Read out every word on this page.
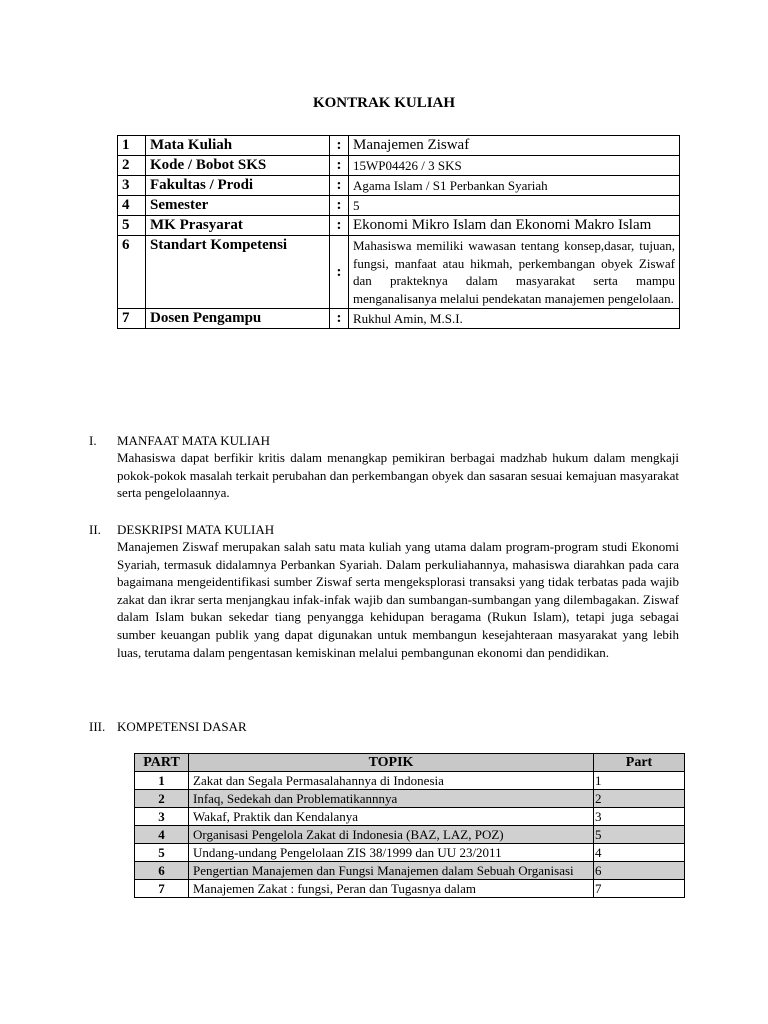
KONTRAK KULIAH
1	Mata Kuliah	:	Manajemen Ziswaf
2	Kode / Bobot SKS	:	15WP04426 / 3 SKS
3	Fakultas / Prodi	:	Agama Islam / S1 Perbankan Syariah
4	Semester	:	5
5	MK Prasyarat	:	Ekonomi Mikro Islam dan Ekonomi Makro Islam
6	Standart Kompetensi	:	Mahasiswa memiliki wawasan tentang konsep,dasar, tujuan, fungsi, manfaat atau hikmah, perkembangan obyek Ziswaf dan prakteknya dalam masyarakat serta mampu menganalisanya melalui pendekatan manajemen pengelolaan.
7	Dosen Pengampu	:	Rukhul Amin, M.S.I.
I. MANFAAT MATA KULIAH
Mahasiswa dapat berfikir kritis dalam menangkap pemikiran berbagai madzhab hukum dalam mengkaji pokok-pokok masalah terkait perubahan dan perkembangan obyek dan sasaran sesuai kemajuan masyarakat serta pengelolaannya.
II. DESKRIPSI MATA KULIAH
Manajemen Ziswaf merupakan salah satu mata kuliah yang utama dalam program-program studi Ekonomi Syariah, termasuk didalamnya Perbankan Syariah. Dalam perkuliahannya, mahasiswa diarahkan pada cara bagaimana mengeidentifikasi sumber Ziswaf serta mengeksplorasi transaksi yang tidak terbatas pada wajib zakat dan ikrar serta menjangkau infak-infak wajib dan sumbangan-sumbangan yang dilembagakan. Ziswaf dalam Islam bukan sekedar tiang penyangga kehidupan beragama (Rukun Islam), tetapi juga sebagai sumber keuangan publik yang dapat digunakan untuk membangun kesejahteraan masyarakat yang lebih luas, terutama dalam pengentasan kemiskinan melalui pembangunan ekonomi dan pendidikan.
III. KOMPETENSI DASAR
PART	TOPIK	Part
1	Zakat dan Segala Permasalahannya di Indonesia	1
2	Infaq, Sedekah dan Problematikannnya	2
3	Wakaf, Praktik dan Kendalanya	3
4	Organisasi Pengelola Zakat di Indonesia (BAZ, LAZ, POZ)	5
5	Undang-undang Pengelolaan ZIS 38/1999 dan UU 23/2011	4
6	Pengertian Manajemen dan Fungsi Manajemen dalam Sebuah Organisasi	6
7	Manajemen Zakat : fungsi, Peran dan Tugasnya dalam	7
